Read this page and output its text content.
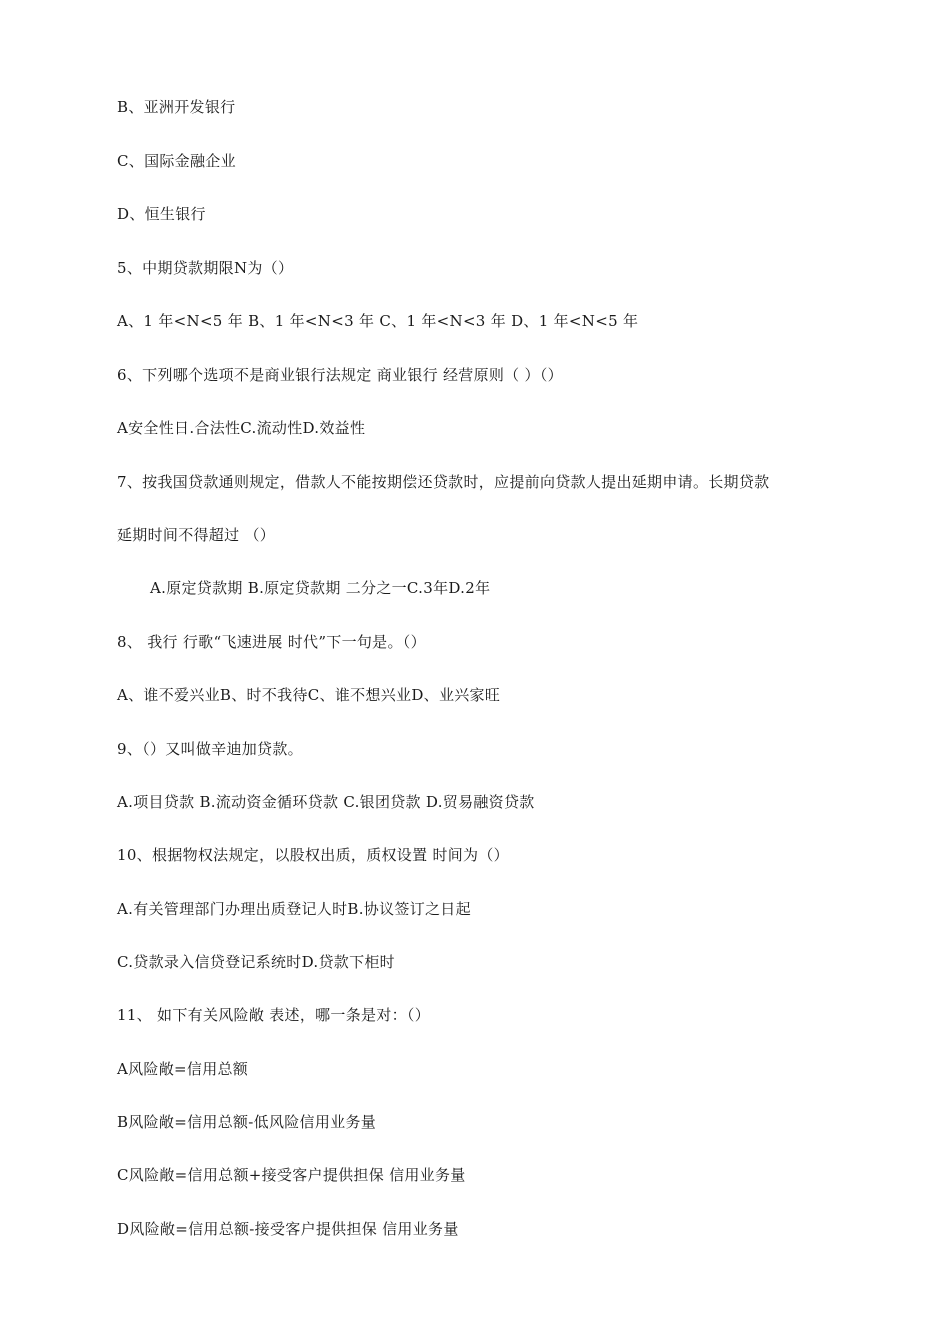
B、亚洲开发银行
C、国际金融企业
D、恒生银行
5、中期贷款期限N为（）
A、1 年<N<5 年 B、1 年<N<3 年 C、1 年<N<3 年 D、1 年<N<5 年
6、下列哪个选项不是商业银行法规定 商业银行 经营原则（ ）（）
A安全性日.合法性C.流动性D.效益性
7、按我国贷款通则规定，借款人不能按期偿还贷款时，应提前向贷款人提出延期申请。长期贷款
延期时间不得超过 （）
A.原定贷款期 B.原定贷款期 二分之一C.3年D.2年
8、 我行 行歌“飞速进展 时代”下一句是。（）
A、谁不爱兴业B、时不我待C、谁不想兴业D、业兴家旺
9、（）又叫做辛迪加贷款。
A.项目贷款 B.流动资金循环贷款 C.银团贷款 D.贸易融资贷款
10、根据物权法规定，以股权出质，质权设置 时间为（）
A.有关管理部门办理出质登记人时B.协议签订之日起
C.贷款录入信贷登记系统时D.贷款下柜时
11、 如下有关风险敞 表述，哪一条是对：（）
A风险敞=信用总额
B风险敞=信用总额-低风险信用业务量
C风险敞=信用总额+接受客户提供担保 信用业务量
D风险敞=信用总额-接受客户提供担保 信用业务量
